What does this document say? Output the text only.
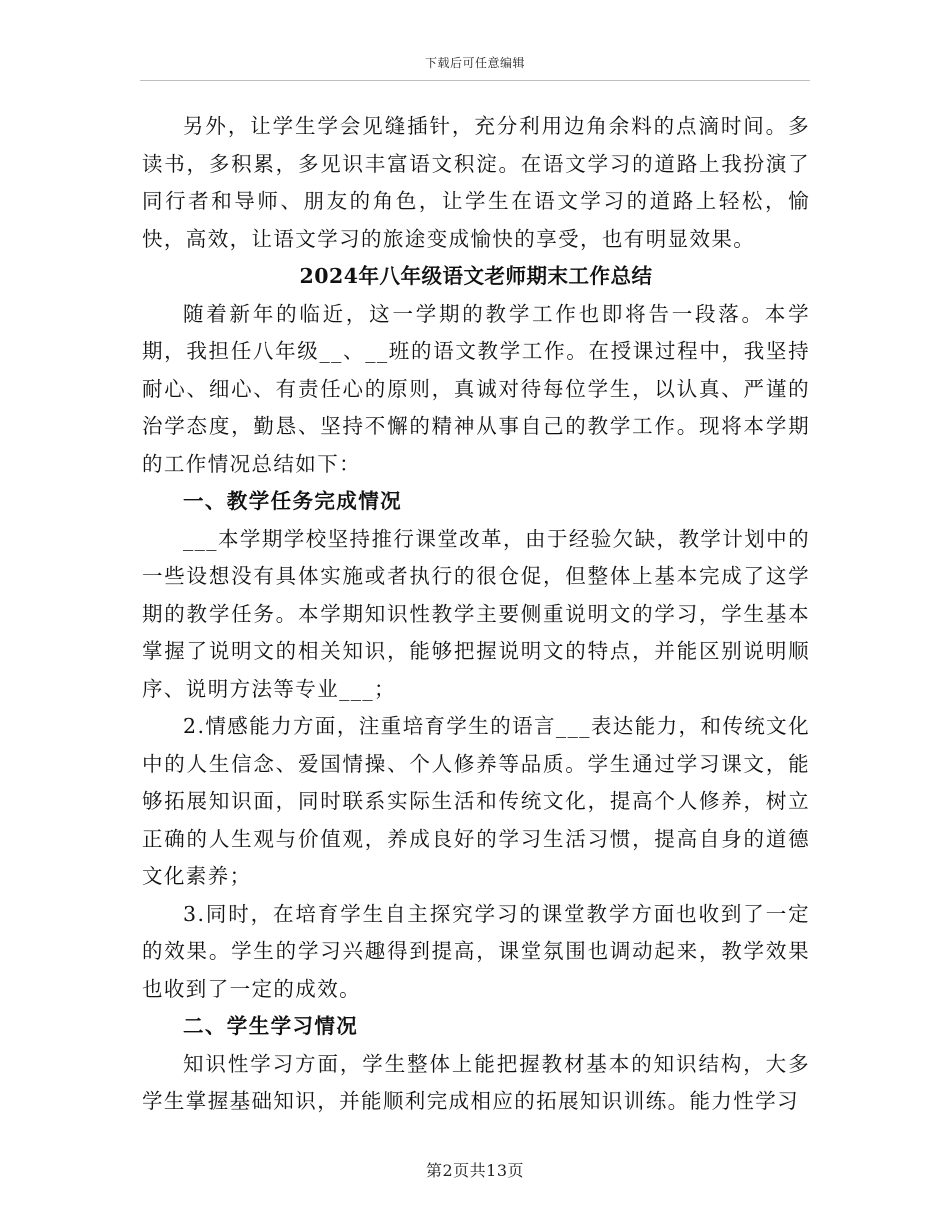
下载后可任意编辑

另外，让学生学会见缝插针，充分利用边角余料的点滴时间。多读书，多积累，多见识丰富语文积淀。在语文学习的道路上我扮演了同行者和导师、朋友的角色，让学生在语文学习的道路上轻松，愉快，高效，让语文学习的旅途变成愉快的享受，也有明显效果。

2024年八年级语文老师期末工作总结

随着新年的临近，这一学期的教学工作也即将告一段落。本学期，我担任八年级__、__班的语文教学工作。在授课过程中，我坚持耐心、细心、有责任心的原则，真诚对待每位学生，以认真、严谨的治学态度，勤恳、坚持不懈的精神从事自己的教学工作。现将本学期的工作情况总结如下：

一、教学任务完成情况

___本学期学校坚持推行课堂改革，由于经验欠缺，教学计划中的一些设想没有具体实施或者执行的很仓促，但整体上基本完成了这学期的教学任务。本学期知识性教学主要侧重说明文的学习，学生基本掌握了说明文的相关知识，能够把握说明文的特点，并能区别说明顺序、说明方法等专业___；

2.情感能力方面，注重培育学生的语言___表达能力，和传统文化中的人生信念、爱国情操、个人修养等品质。学生通过学习课文，能够拓展知识面，同时联系实际生活和传统文化，提高个人修养，树立正确的人生观与价值观，养成良好的学习生活习惯，提高自身的道德文化素养；

3.同时，在培育学生自主探究学习的课堂教学方面也收到了一定的效果。学生的学习兴趣得到提高，课堂氛围也调动起来，教学效果也收到了一定的成效。

二、学生学习情况

知识性学习方面，学生整体上能把握教材基本的知识结构，大多学生掌握基础知识，并能顺利完成相应的拓展知识训练。能力性学习

第2页共13页
